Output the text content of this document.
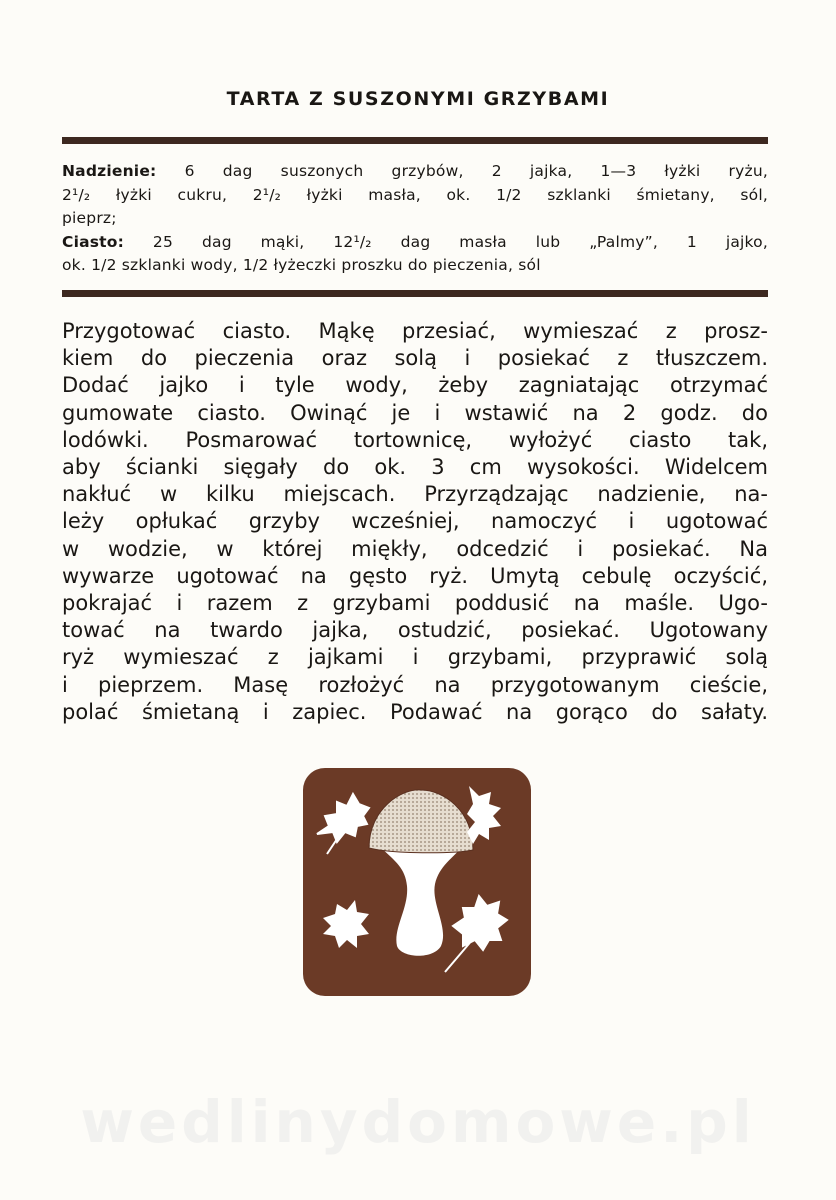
TARTA Z SUSZONYMI GRZYBAMI
Nadzienie: 6 dag suszonych grzybów, 2 jajka, 1—3 łyżki ryżu,
2¹/₂ łyżki cukru, 2¹/₂ łyżki masła, ok. 1/2 szklanki śmietany, sól,
pieprz;
Ciasto: 25 dag mąki, 12¹/₂ dag masła lub „Palmy”, 1 jajko,
ok. 1/2 szklanki wody, 1/2 łyżeczki proszku do pieczenia, sól
Przygotować ciasto. Mąkę przesiać, wymieszać z prosz-
kiem do pieczenia oraz solą i posiekać z tłuszczem.
Dodać jajko i tyle wody, żeby zagniatając otrzymać
gumowate ciasto. Owinąć je i wstawić na 2 godz. do
lodówki. Posmarować tortownicę, wyłożyć ciasto tak,
aby ścianki sięgały do ok. 3 cm wysokości. Widelcem
nakłuć w kilku miejscach. Przyrządzając nadzienie, na-
leży opłukać grzyby wcześniej, namoczyć i ugotować
w wodzie, w której miękły, odcedzić i posiekać. Na
wywarze ugotować na gęsto ryż. Umytą cebulę oczyścić,
pokrajać i razem z grzybami poddusić na maśle. Ugo-
tować na twardo jajka, ostudzić, posiekać. Ugotowany
ryż wymieszać z jajkami i grzybami, przyprawić solą
i pieprzem. Masę rozłożyć na przygotowanym cieście,
polać śmietaną i zapiec. Podawać na gorąco do sałaty.
wedlinydomowe.pl
